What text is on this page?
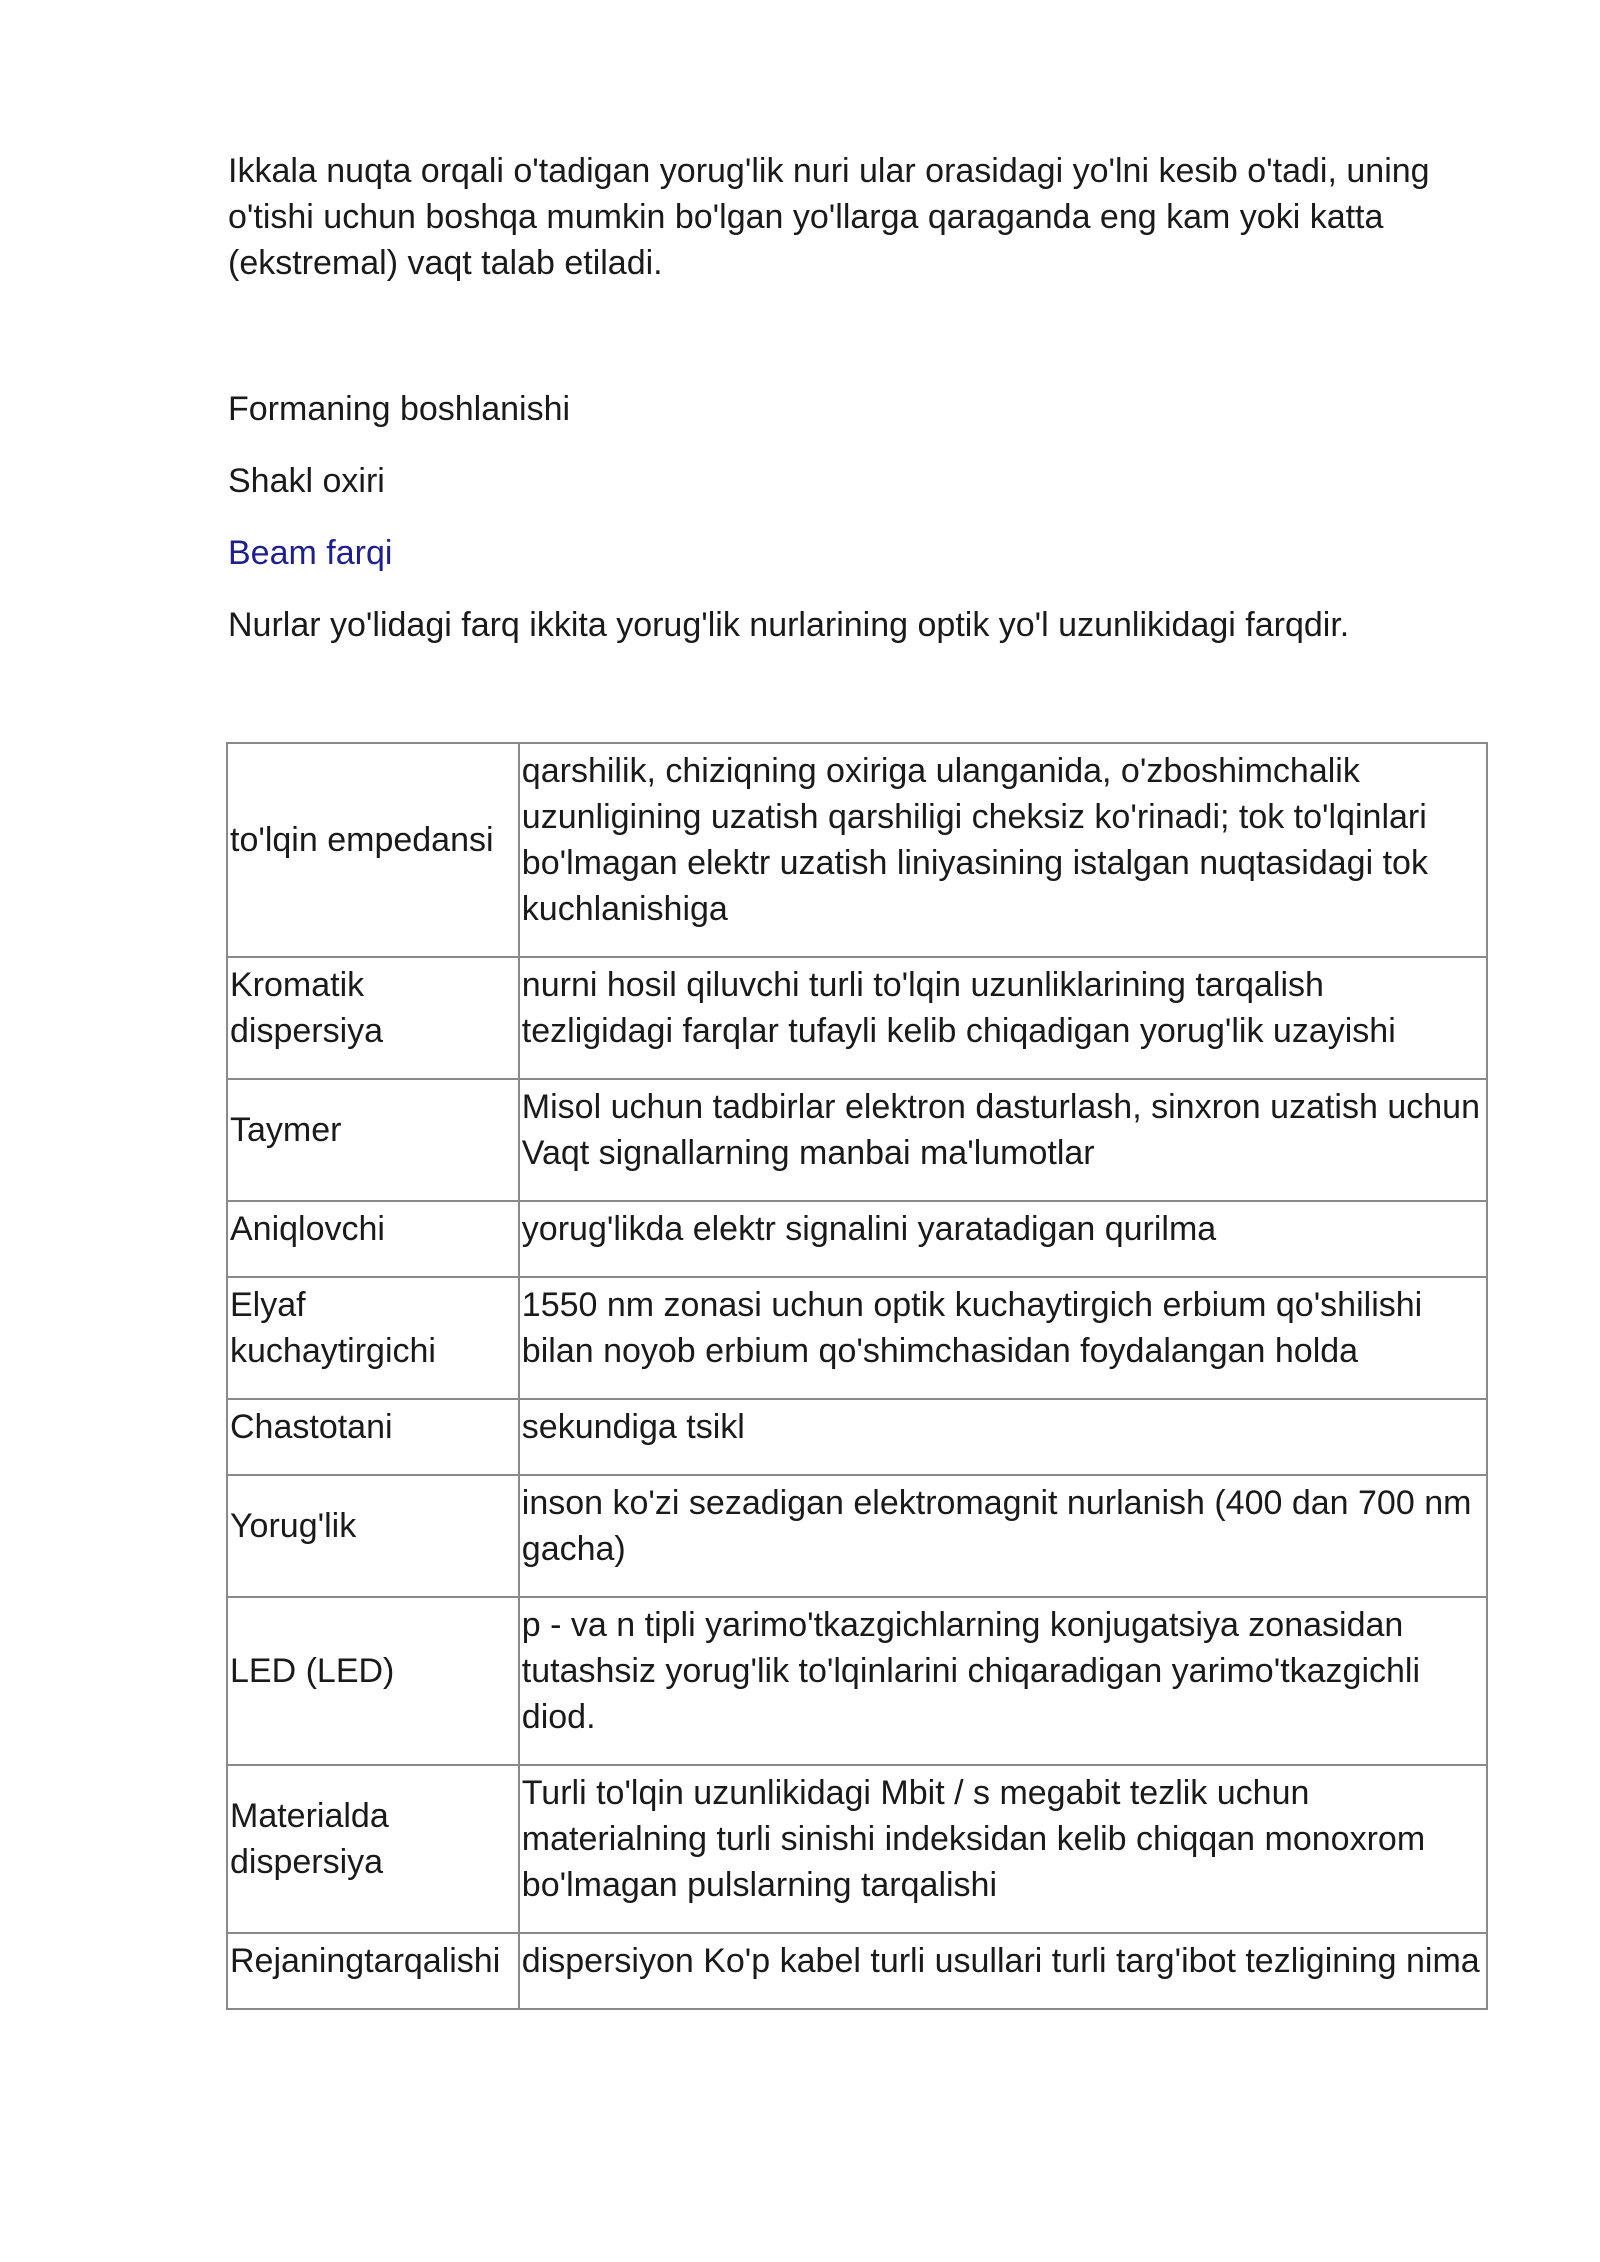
Ikkala nuqta orqali o'tadigan yorug'lik nuri ular orasidagi yo'lni kesib o'tadi, uning o'tishi uchun boshqa mumkin bo'lgan yo'llarga qaraganda eng kam yoki katta (ekstremal) vaqt talab etiladi.

Formaning boshlanishi

Shakl oxiri

Beam farqi

Nurlar yo'lidagi farq ikkita yorug'lik nurlarining optik yo'l uzunlikidagi farqdir.

to'lqin empedansi	qarshilik, chiziqning oxiriga ulanganida, o'zboshimchalik uzunligining uzatish qarshiligi cheksiz ko'rinadi; tok to'lqinlari bo'lmagan elektr uzatish liniyasining istalgan nuqtasidagi tok kuchlanishiga
Kromatik dispersiya	nurni hosil qiluvchi turli to'lqin uzunliklarining tarqalish tezligidagi farqlar tufayli kelib chiqadigan yorug'lik uzayishi
Taymer	Misol uchun tadbirlar elektron dasturlash, sinxron uzatish uchun Vaqt signallarning manbai ma'lumotlar
Aniqlovchi	yorug'likda elektr signalini yaratadigan qurilma
Elyaf kuchaytirgichi	1550 nm zonasi uchun optik kuchaytirgich erbium qo'shilishi bilan noyob erbium qo'shimchasidan foydalangan holda
Chastotani	sekundiga tsikl
Yorug'lik	inson ko'zi sezadigan elektromagnit nurlanish (400 dan 700 nm gacha)
LED (LED)	p - va n tipli yarimo'tkazgichlarning konjugatsiya zonasidan tutashsiz yorug'lik to'lqinlarini chiqaradigan yarimo'tkazgichli diod.
Materialda dispersiya	Turli to'lqin uzunlikidagi Mbit / s megabit tezlik uchun materialning turli sinishi indeksidan kelib chiqqan monoxrom bo'lmagan pulslarning tarqalishi
Rejaningtarqalishi	dispersiyon Ko'p kabel turli usullari turli targ'ibot tezligining nima
